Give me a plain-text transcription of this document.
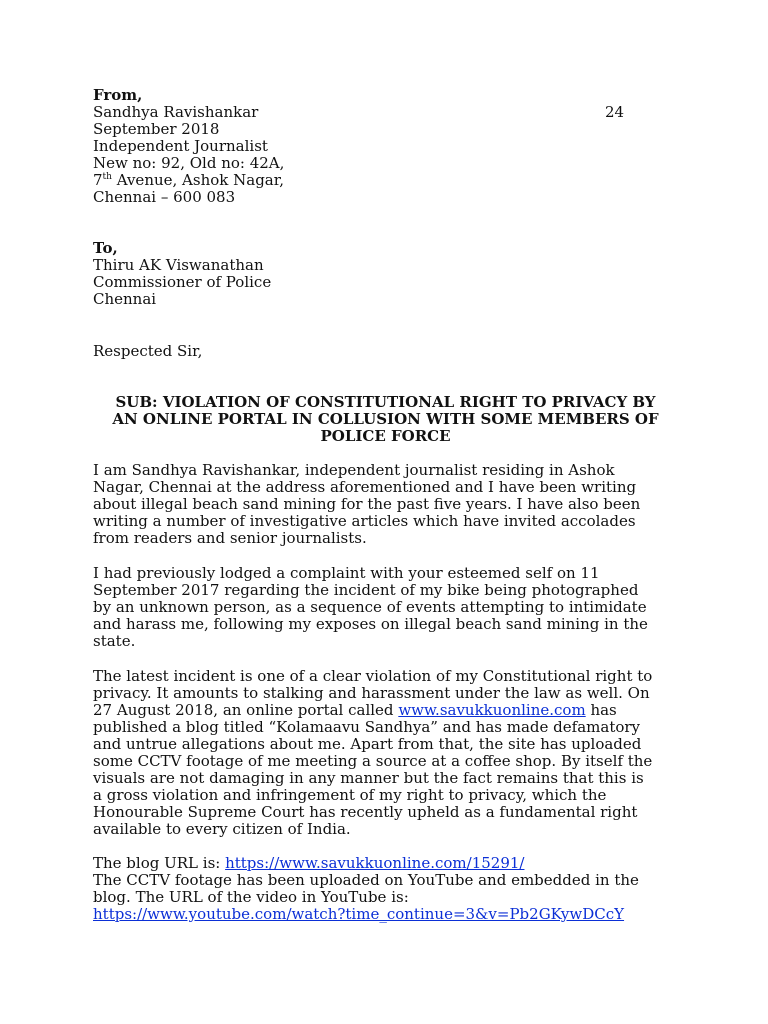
From,
Sandhya Ravishankar
September 2018
Independent Journalist
New no: 92, Old no: 42A,
7th Avenue, Ashok Nagar,
Chennai – 600 083
24
To,
Thiru AK Viswanathan
Commissioner of Police
Chennai
Respected Sir,
SUB: VIOLATION OF CONSTITUTIONAL RIGHT TO PRIVACY BY
AN ONLINE PORTAL IN COLLUSION WITH SOME MEMBERS OF
POLICE FORCE
I am Sandhya Ravishankar, independent journalist residing in Ashok
Nagar, Chennai at the address aforementioned and I have been writing
about illegal beach sand mining for the past five years. I have also been
writing a number of investigative articles which have invited accolades
from readers and senior journalists.
I had previously lodged a complaint with your esteemed self on 11
September 2017 regarding the incident of my bike being photographed
by an unknown person, as a sequence of events attempting to intimidate
and harass me, following my exposes on illegal beach sand mining in the
state.
The latest incident is one of a clear violation of my Constitutional right to
privacy. It amounts to stalking and harassment under the law as well. On
27 August 2018, an online portal called www.savukkuonline.com has
published a blog titled “Kolamaavu Sandhya” and has made defamatory
and untrue allegations about me. Apart from that, the site has uploaded
some CCTV footage of me meeting a source at a coffee shop. By itself the
visuals are not damaging in any manner but the fact remains that this is
a gross violation and infringement of my right to privacy, which the
Honourable Supreme Court has recently upheld as a fundamental right
available to every citizen of India.
The blog URL is: https://www.savukkuonline.com/15291/
The CCTV footage has been uploaded on YouTube and embedded in the
blog. The URL of the video in YouTube is:
https://www.youtube.com/watch?time_continue=3&v=Pb2GKywDCcY
